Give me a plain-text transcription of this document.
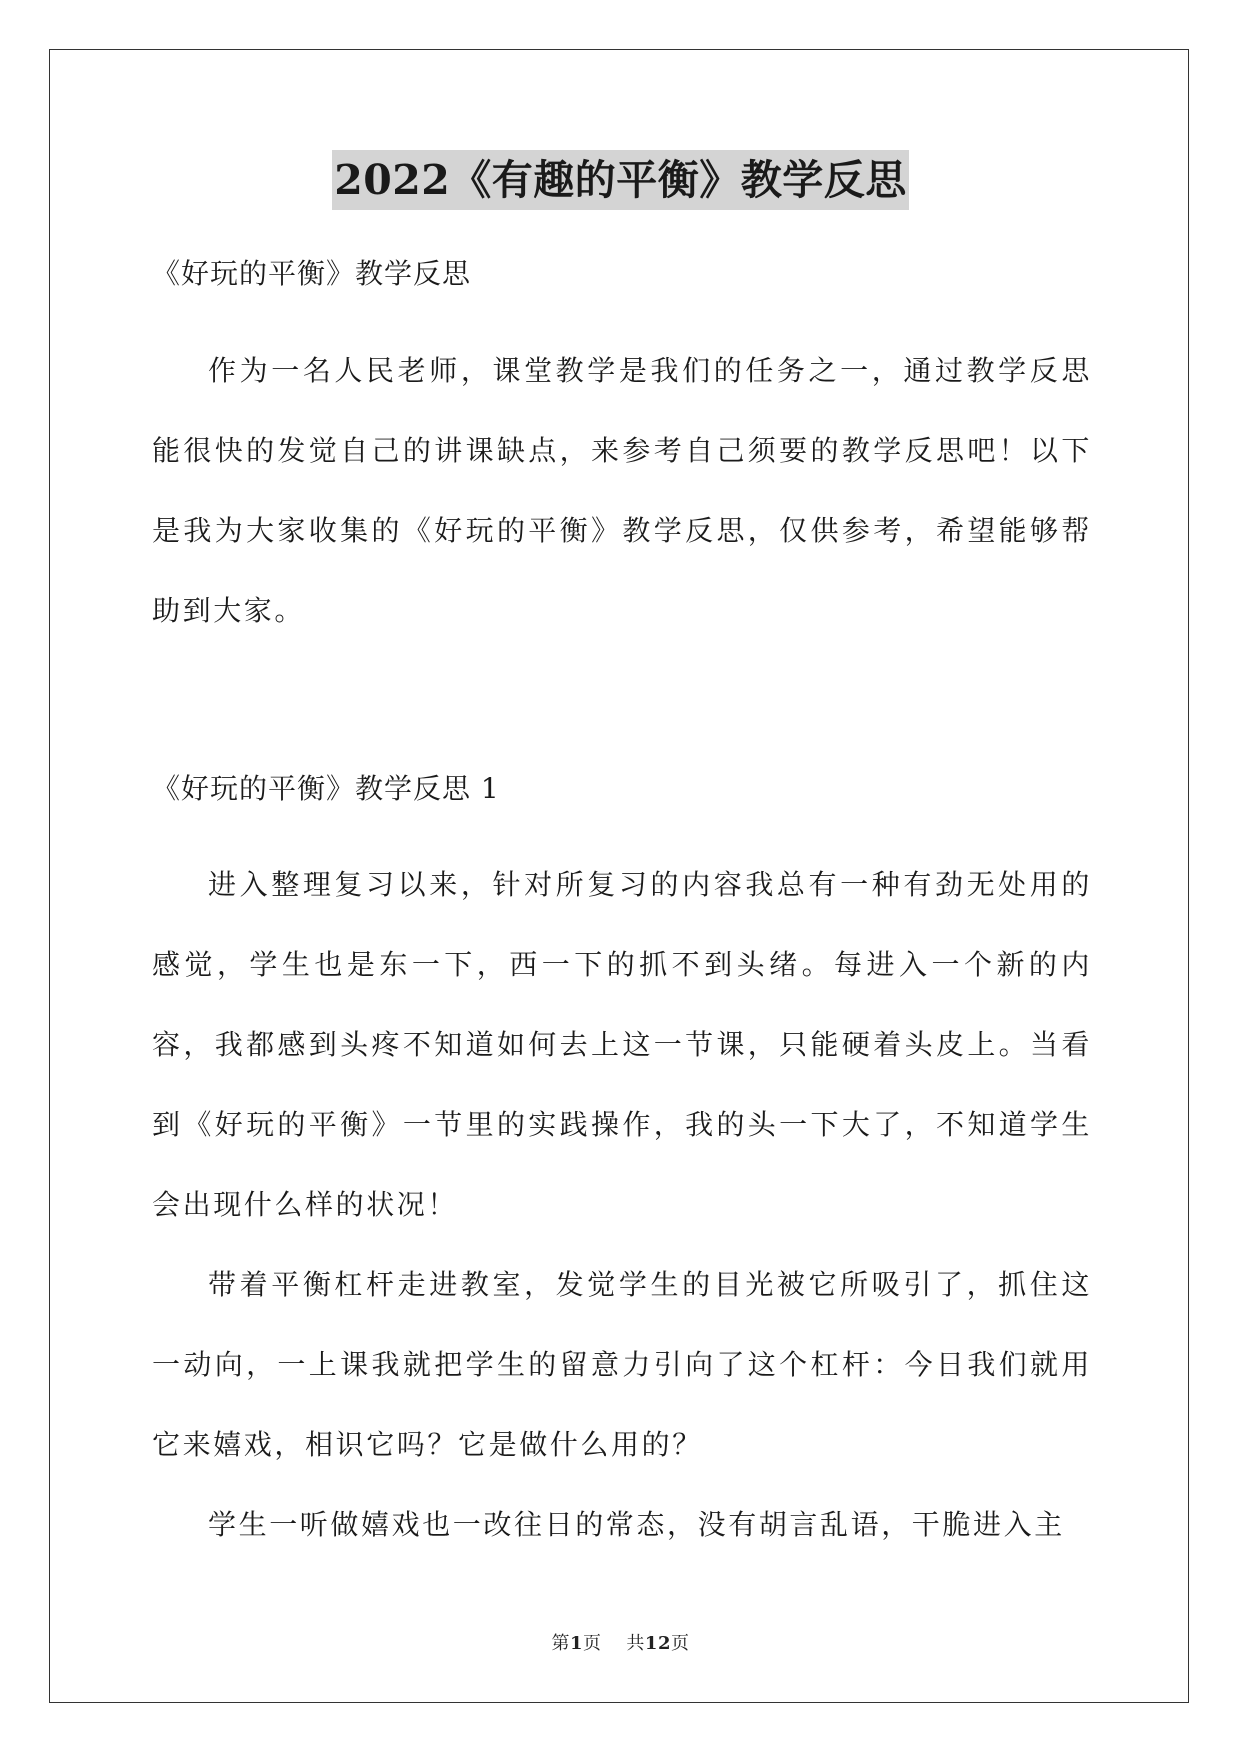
2022《有趣的平衡》教学反思

《好玩的平衡》教学反思

作为一名人民老师，课堂教学是我们的任务之一，通过教学反思能很快的发觉自己的讲课缺点，来参考自己须要的教学反思吧！以下是我为大家收集的《好玩的平衡》教学反思，仅供参考，希望能够帮助到大家。

《好玩的平衡》教学反思 1

进入整理复习以来，针对所复习的内容我总有一种有劲无处用的感觉，学生也是东一下，西一下的抓不到头绪。每进入一个新的内容，我都感到头疼不知道如何去上这一节课，只能硬着头皮上。当看到《好玩的平衡》一节里的实践操作，我的头一下大了，不知道学生会出现什么样的状况！

带着平衡杠杆走进教室，发觉学生的目光被它所吸引了，抓住这一动向，一上课我就把学生的留意力引向了这个杠杆：今日我们就用它来嬉戏，相识它吗？它是做什么用的？

学生一听做嬉戏也一改往日的常态，没有胡言乱语，干脆进入主

第1页 共12页
